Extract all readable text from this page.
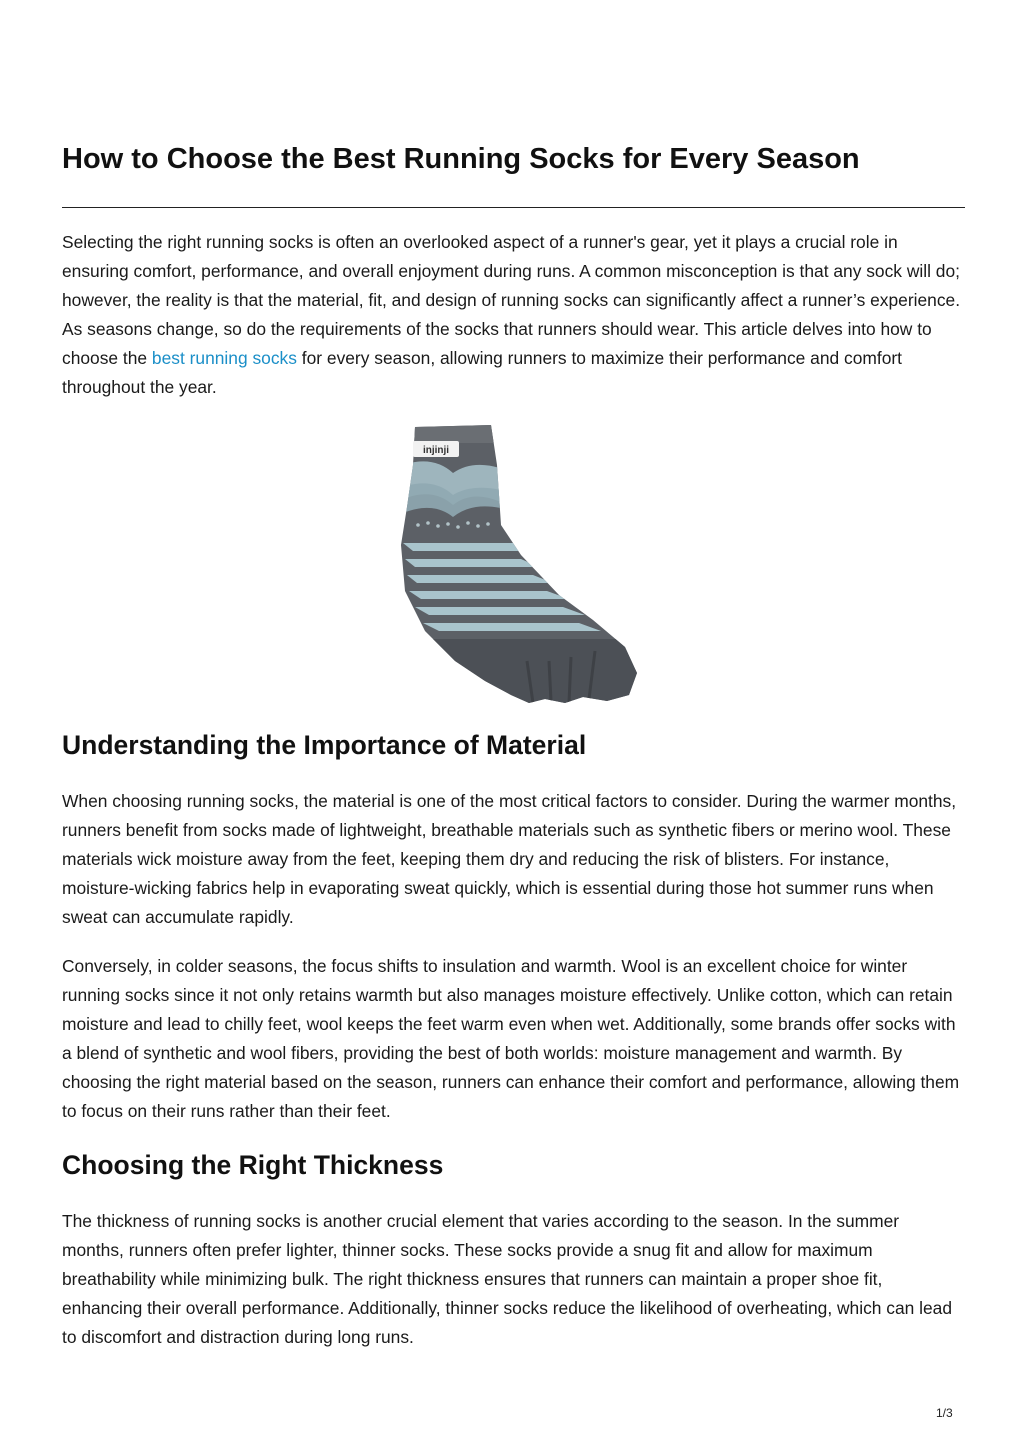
How to Choose the Best Running Socks for Every Season

Selecting the right running socks is often an overlooked aspect of a runner's gear, yet it plays a crucial role in ensuring comfort, performance, and overall enjoyment during runs. A common misconception is that any sock will do; however, the reality is that the material, fit, and design of running socks can significantly affect a runner’s experience. As seasons change, so do the requirements of the socks that runners should wear. This article delves into how to choose the best running socks for every season, allowing runners to maximize their performance and comfort throughout the year.

Understanding the Importance of Material

When choosing running socks, the material is one of the most critical factors to consider. During the warmer months, runners benefit from socks made of lightweight, breathable materials such as synthetic fibers or merino wool. These materials wick moisture away from the feet, keeping them dry and reducing the risk of blisters. For instance, moisture-wicking fabrics help in evaporating sweat quickly, which is essential during those hot summer runs when sweat can accumulate rapidly.

Conversely, in colder seasons, the focus shifts to insulation and warmth. Wool is an excellent choice for winter running socks since it not only retains warmth but also manages moisture effectively. Unlike cotton, which can retain moisture and lead to chilly feet, wool keeps the feet warm even when wet. Additionally, some brands offer socks with a blend of synthetic and wool fibers, providing the best of both worlds: moisture management and warmth. By choosing the right material based on the season, runners can enhance their comfort and performance, allowing them to focus on their runs rather than their feet.

Choosing the Right Thickness

The thickness of running socks is another crucial element that varies according to the season. In the summer months, runners often prefer lighter, thinner socks. These socks provide a snug fit and allow for maximum breathability while minimizing bulk. The right thickness ensures that runners can maintain a proper shoe fit, enhancing their overall performance. Additionally, thinner socks reduce the likelihood of overheating, which can lead to discomfort and distraction during long runs.

injinji
1/3
